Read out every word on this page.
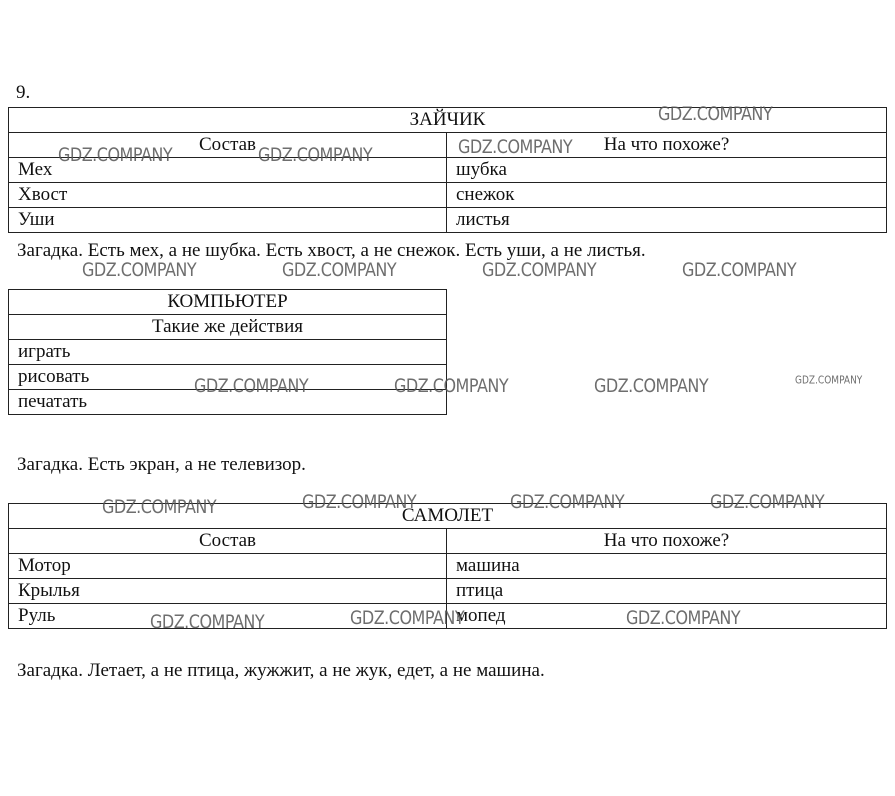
9.
ЗАЙЧИК	
Состав	На что похоже?
Мех	шубка
Хвост	снежок
Уши	листья
Загадка. Есть мех, а не шубка. Есть хвост, а не снежок. Есть уши, а не листья.
КОМПЬЮТЕР
Такие же действия
играть
рисовать
печатать
Загадка. Есть экран, а не телевизор.
САМОЛЕТ	
Состав	На что похоже?
Мотор	машина
Крылья	птица
Руль	мопед
Загадка. Летает, а не птица, жужжит, а не жук, едет, а не машина.
GDZ.COMPANY
GDZ.COMPANY	GDZ.COMPANY	GDZ.COMPANY
GDZ.COMPANY	GDZ.COMPANY	GDZ.COMPANY	GDZ.COMPANY
GDZ.COMPANY	GDZ.COMPANY	GDZ.COMPANY	GDZ.COMPANY
GDZ.COMPANY	GDZ.COMPANY	GDZ.COMPANY	GDZ.COMPANY
GDZ.COMPANY	GDZ.COMPANY	GDZ.COMPANY
